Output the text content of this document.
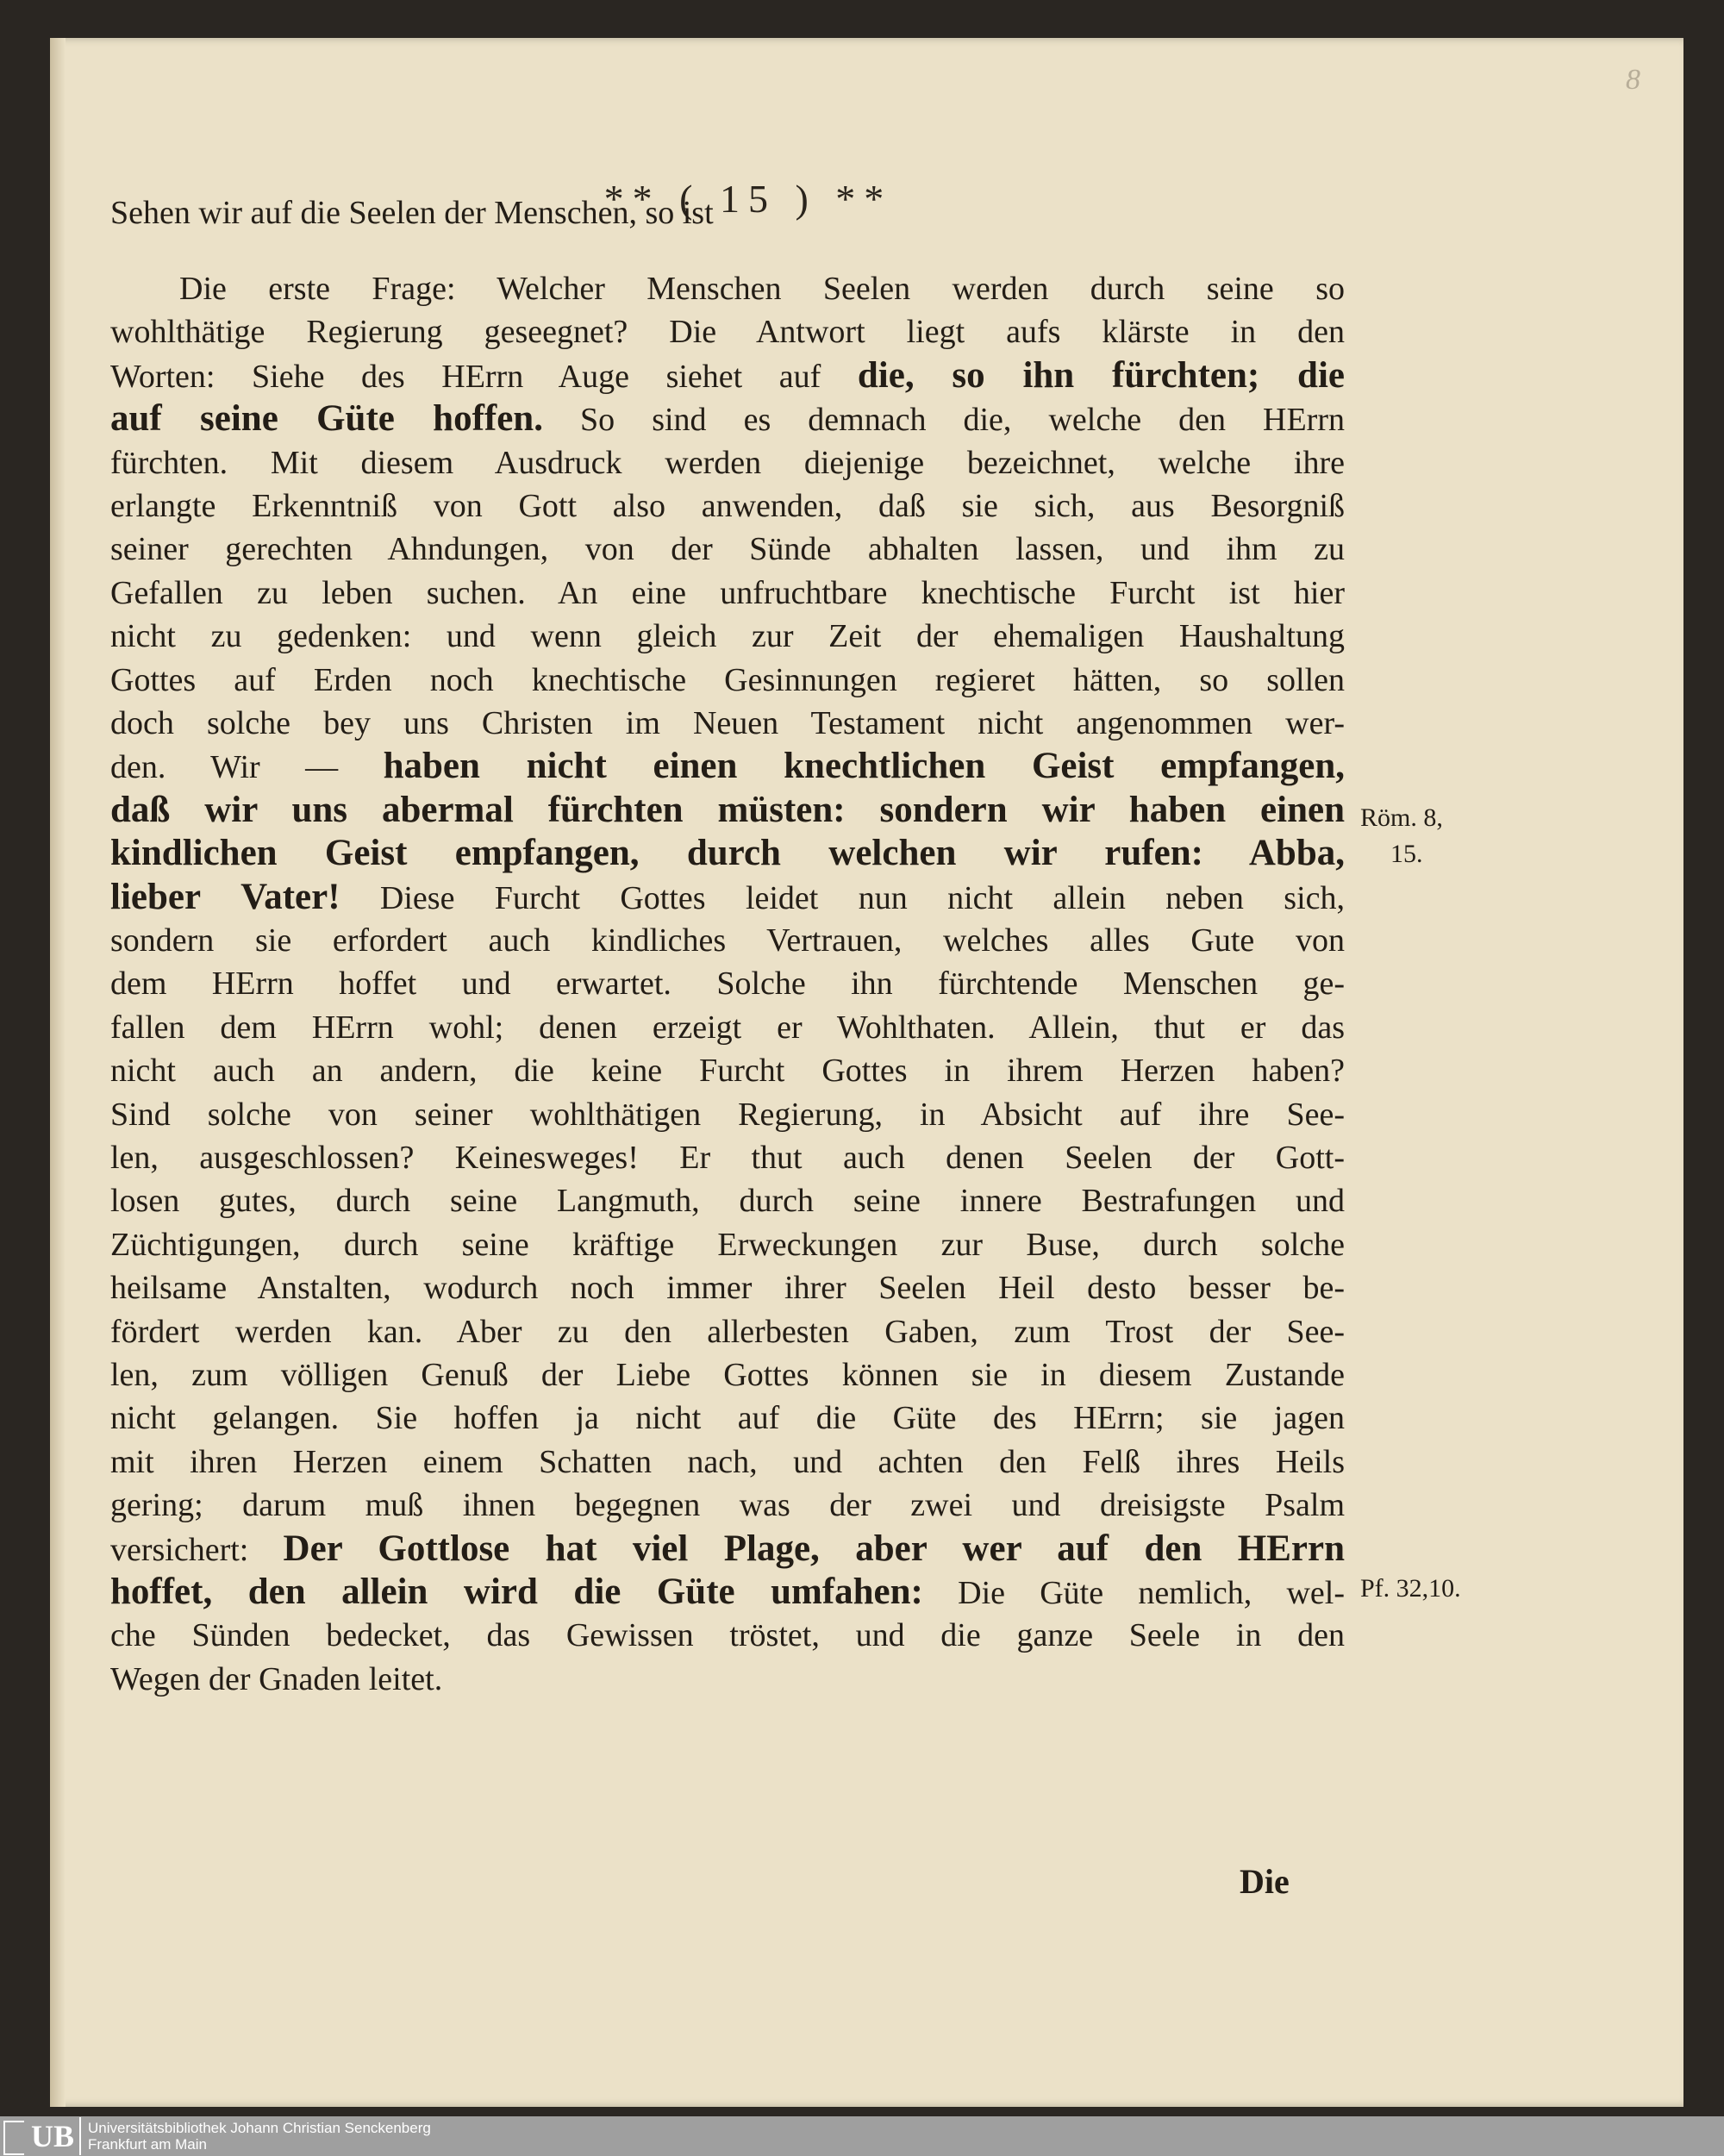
8
** ( 15 ) **
Sehen wir auf die Seelen der Menschen, so ist
Die erste Frage: Welcher Menschen Seelen werden durch seine so
wohlthätige Regierung geseegnet? Die Antwort liegt aufs klärste in den
Worten: Siehe des HErrn Auge siehet auf die, so ihn fürchten; die
auf seine Güte hoffen. So sind es demnach die, welche den HErrn
fürchten. Mit diesem Ausdruck werden diejenige bezeichnet, welche ihre
erlangte Erkenntniß von Gott also anwenden, daß sie sich, aus Besorgniß
seiner gerechten Ahndungen, von der Sünde abhalten lassen, und ihm zu
Gefallen zu leben suchen. An eine unfruchtbare knechtische Furcht ist hier
nicht zu gedenken: und wenn gleich zur Zeit der ehemaligen Haushaltung
Gottes auf Erden noch knechtische Gesinnungen regieret hätten, so sollen
doch solche bey uns Christen im Neuen Testament nicht angenommen wer-
den. Wir — haben nicht einen knechtlichen Geist empfangen,
daß wir uns abermal fürchten müsten: sondern wir haben einen
kindlichen Geist empfangen, durch welchen wir rufen: Abba,
lieber Vater! Diese Furcht Gottes leidet nun nicht allein neben sich,
sondern sie erfordert auch kindliches Vertrauen, welches alles Gute von
dem HErrn hoffet und erwartet. Solche ihn fürchtende Menschen ge-
fallen dem HErrn wohl; denen erzeigt er Wohlthaten. Allein, thut er das
nicht auch an andern, die keine Furcht Gottes in ihrem Herzen haben?
Sind solche von seiner wohlthätigen Regierung, in Absicht auf ihre See-
len, ausgeschlossen? Keinesweges! Er thut auch denen Seelen der Gott-
losen gutes, durch seine Langmuth, durch seine innere Bestrafungen und
Züchtigungen, durch seine kräftige Erweckungen zur Buse, durch solche
heilsame Anstalten, wodurch noch immer ihrer Seelen Heil desto besser be-
fördert werden kan. Aber zu den allerbesten Gaben, zum Trost der See-
len, zum völligen Genuß der Liebe Gottes können sie in diesem Zustande
nicht gelangen. Sie hoffen ja nicht auf die Güte des HErrn; sie jagen
mit ihren Herzen einem Schatten nach, und achten den Felß ihres Heils
gering; darum muß ihnen begegnen was der zwei und dreisigste Psalm
versichert: Der Gottlose hat viel Plage, aber wer auf den HErrn
hoffet, den allein wird die Güte umfahen: Die Güte nemlich, wel-
che Sünden bedecket, das Gewissen tröstet, und die ganze Seele in den
Wegen der Gnaden leitet.
Röm. 8,
15.
Pf. 32,10.
Die
UB Universitätsbibliothek Johann Christian Senckenberg
Frankfurt am Main
